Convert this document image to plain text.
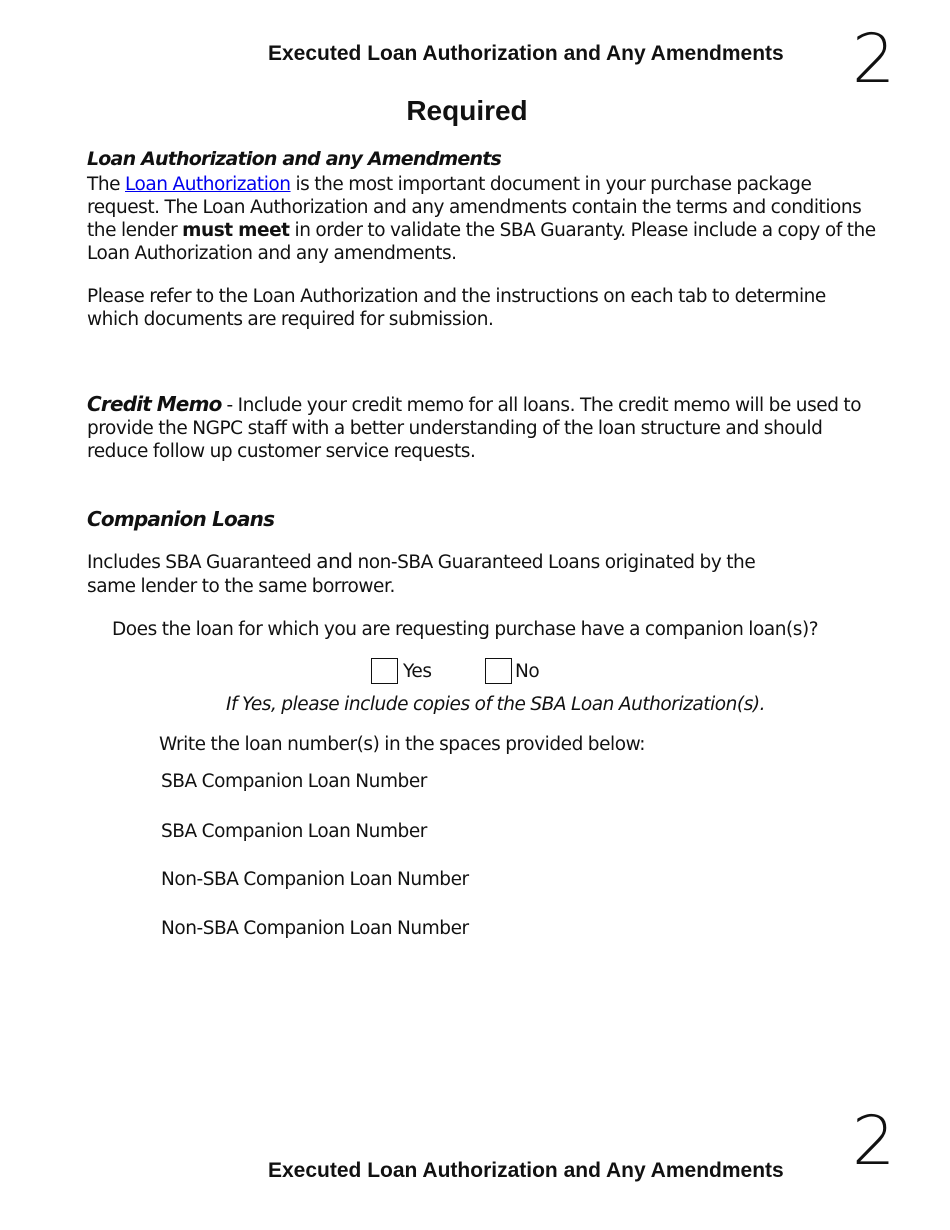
Executed Loan Authorization and Any Amendments 2
Required
Loan Authorization and any Amendments
The Loan Authorization is the most important document in your purchase package request. The Loan Authorization and any amendments contain the terms and conditions the lender must meet in order to validate the SBA Guaranty. Please include a copy of the Loan Authorization and any amendments.
Please refer to the Loan Authorization and the instructions on each tab to determine which documents are required for submission.
Credit Memo - Include your credit memo for all loans. The credit memo will be used to provide the NGPC staff with a better understanding of the loan structure and should reduce follow up customer service requests.
Companion Loans
Includes SBA Guaranteed and non-SBA Guaranteed Loans originated by the
same lender to the same borrower.
Does the loan for which you are requesting purchase have a companion loan(s)?
Yes	No
If Yes, please include copies of the SBA Loan Authorization(s).
Write the loan number(s) in the spaces provided below:
SBA Companion Loan Number
SBA Companion Loan Number
Non-SBA Companion Loan Number
Non-SBA Companion Loan Number
2
Executed Loan Authorization and Any Amendments
